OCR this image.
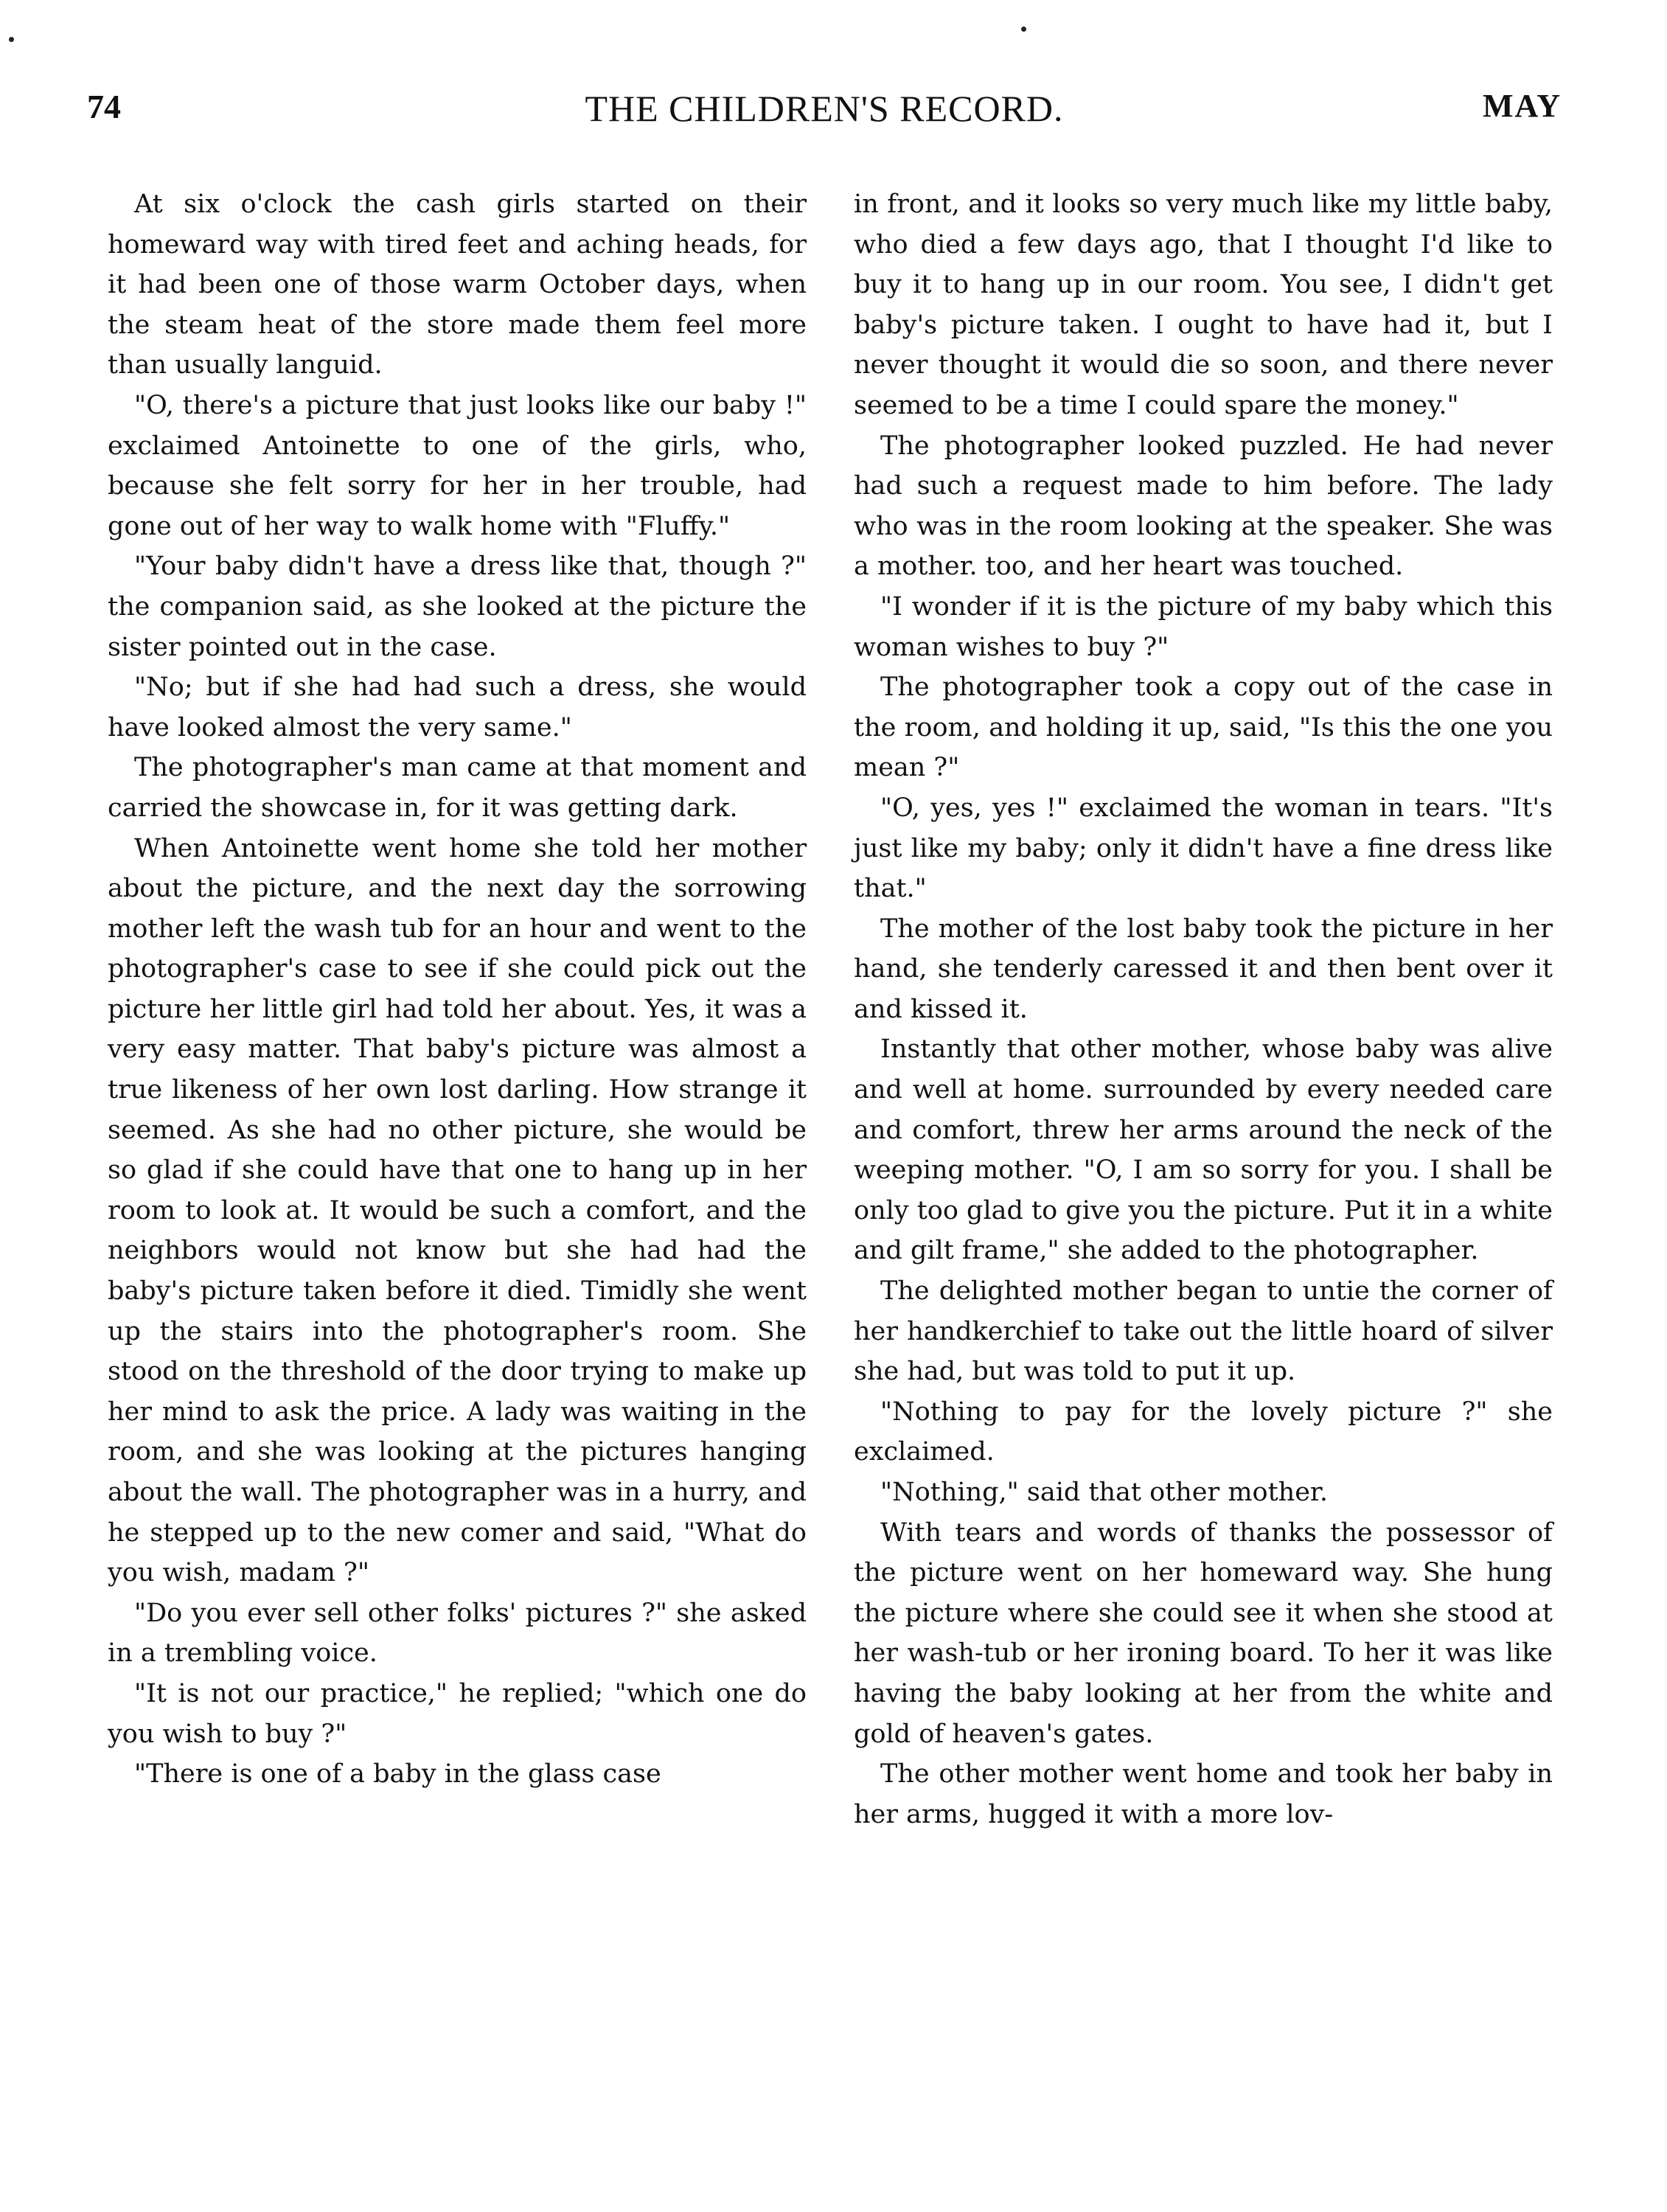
74	THE CHILDREN'S RECORD.	MAY

At six o'clock the cash girls started on their homeward way with tired feet and aching heads, for it had been one of those warm October days, when the steam heat of the store made them feel more than usually languid.

"O, there's a picture that just looks like our baby !" exclaimed Antoinette to one of the girls, who, because she felt sorry for her in her trouble, had gone out of her way to walk home with "Fluffy."

"Your baby didn't have a dress like that, though ?" the companion said, as she looked at the picture the sister pointed out in the case.

"No; but if she had had such a dress, she would have looked almost the very same."

The photographer's man came at that moment and carried the showcase in, for it was getting dark.

When Antoinette went home she told her mother about the picture, and the next day the sorrowing mother left the wash tub for an hour and went to the photographer's case to see if she could pick out the picture her little girl had told her about. Yes, it was a very easy matter. That baby's picture was almost a true likeness of her own lost darling. How strange it seemed. As she had no other picture, she would be so glad if she could have that one to hang up in her room to look at. It would be such a comfort, and the neighbors would not know but she had had the baby's picture taken before it died. Timidly she went up the stairs into the photographer's room. She stood on the threshold of the door trying to make up her mind to ask the price. A lady was waiting in the room, and she was looking at the pictures hanging about the wall. The photographer was in a hurry, and he stepped up to the new comer and said, "What do you wish, madam ?"

"Do you ever sell other folks' pictures ?" she asked in a trembling voice.

"It is not our practice," he replied; "which one do you wish to buy ?"

"There is one of a baby in the glass case

in front, and it looks so very much like my little baby, who died a few days ago, that I thought I'd like to buy it to hang up in our room. You see, I didn't get baby's picture taken. I ought to have had it, but I never thought it would die so soon, and there never seemed to be a time I could spare the money."

The photographer looked puzzled. He had never had such a request made to him before. The lady who was in the room looking at the speaker. She was a mother. too, and her heart was touched.

"I wonder if it is the picture of my baby which this woman wishes to buy ?"

The photographer took a copy out of the case in the room, and holding it up, said, "Is this the one you mean ?"

"O, yes, yes !" exclaimed the woman in tears. "It's just like my baby; only it didn't have a fine dress like that."

The mother of the lost baby took the picture in her hand, she tenderly caressed it and then bent over it and kissed it.

Instantly that other mother, whose baby was alive and well at home. surrounded by every needed care and comfort, threw her arms around the neck of the weeping mother. "O, I am so sorry for you. I shall be only too glad to give you the picture. Put it in a white and gilt frame," she added to the photographer.

The delighted mother began to untie the corner of her handkerchief to take out the little hoard of silver she had, but was told to put it up.

"Nothing to pay for the lovely picture ?" she exclaimed.

"Nothing," said that other mother.

With tears and words of thanks the possessor of the picture went on her homeward way. She hung the picture where she could see it when she stood at her wash-tub or her ironing board. To her it was like having the baby looking at her from the white and gold of heaven's gates.

The other mother went home and took her baby in her arms, hugged it with a more lov-
